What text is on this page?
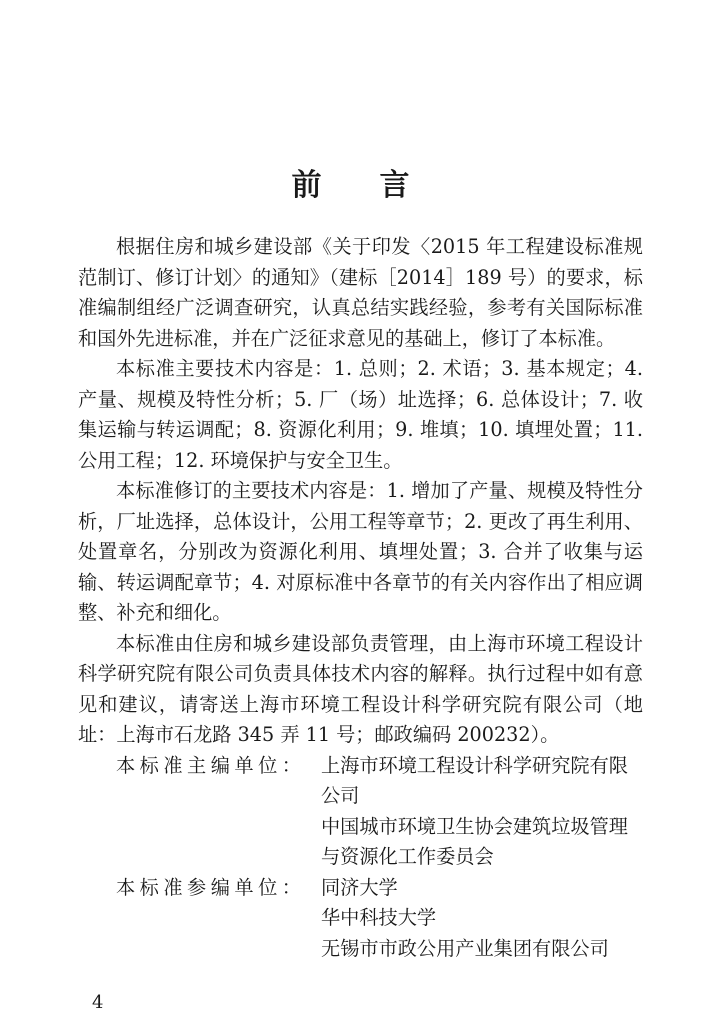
前 言

根据住房和城乡建设部《关于印发〈2015 年工程建设标准规范制订、修订计划〉的通知》（建标［2014］189 号）的要求，标准编制组经广泛调查研究，认真总结实践经验，参考有关国际标准和国外先进标准，并在广泛征求意见的基础上，修订了本标准。

本标准主要技术内容是：1. 总则；2. 术语；3. 基本规定；4. 产量、规模及特性分析；5. 厂（场）址选择；6. 总体设计；7. 收集运输与转运调配；8. 资源化利用；9. 堆填；10. 填埋处置；11. 公用工程；12. 环境保护与安全卫生。

本标准修订的主要技术内容是：1. 增加了产量、规模及特性分析，厂址选择，总体设计，公用工程等章节；2. 更改了再生利用、处置章名，分别改为资源化利用、填埋处置；3. 合并了收集与运输、转运调配章节；4. 对原标准中各章节的有关内容作出了相应调整、补充和细化。

本标准由住房和城乡建设部负责管理，由上海市环境工程设计科学研究院有限公司负责具体技术内容的解释。执行过程中如有意见和建议，请寄送上海市环境工程设计科学研究院有限公司（地址：上海市石龙路 345 弄 11 号；邮政编码 200232）。

本标准主编单位： 上海市环境工程设计科学研究院有限
公司
中国城市环境卫生协会建筑垃圾管理
与资源化工作委员会
本标准参编单位： 同济大学
华中科技大学
无锡市市政公用产业集团有限公司
4
